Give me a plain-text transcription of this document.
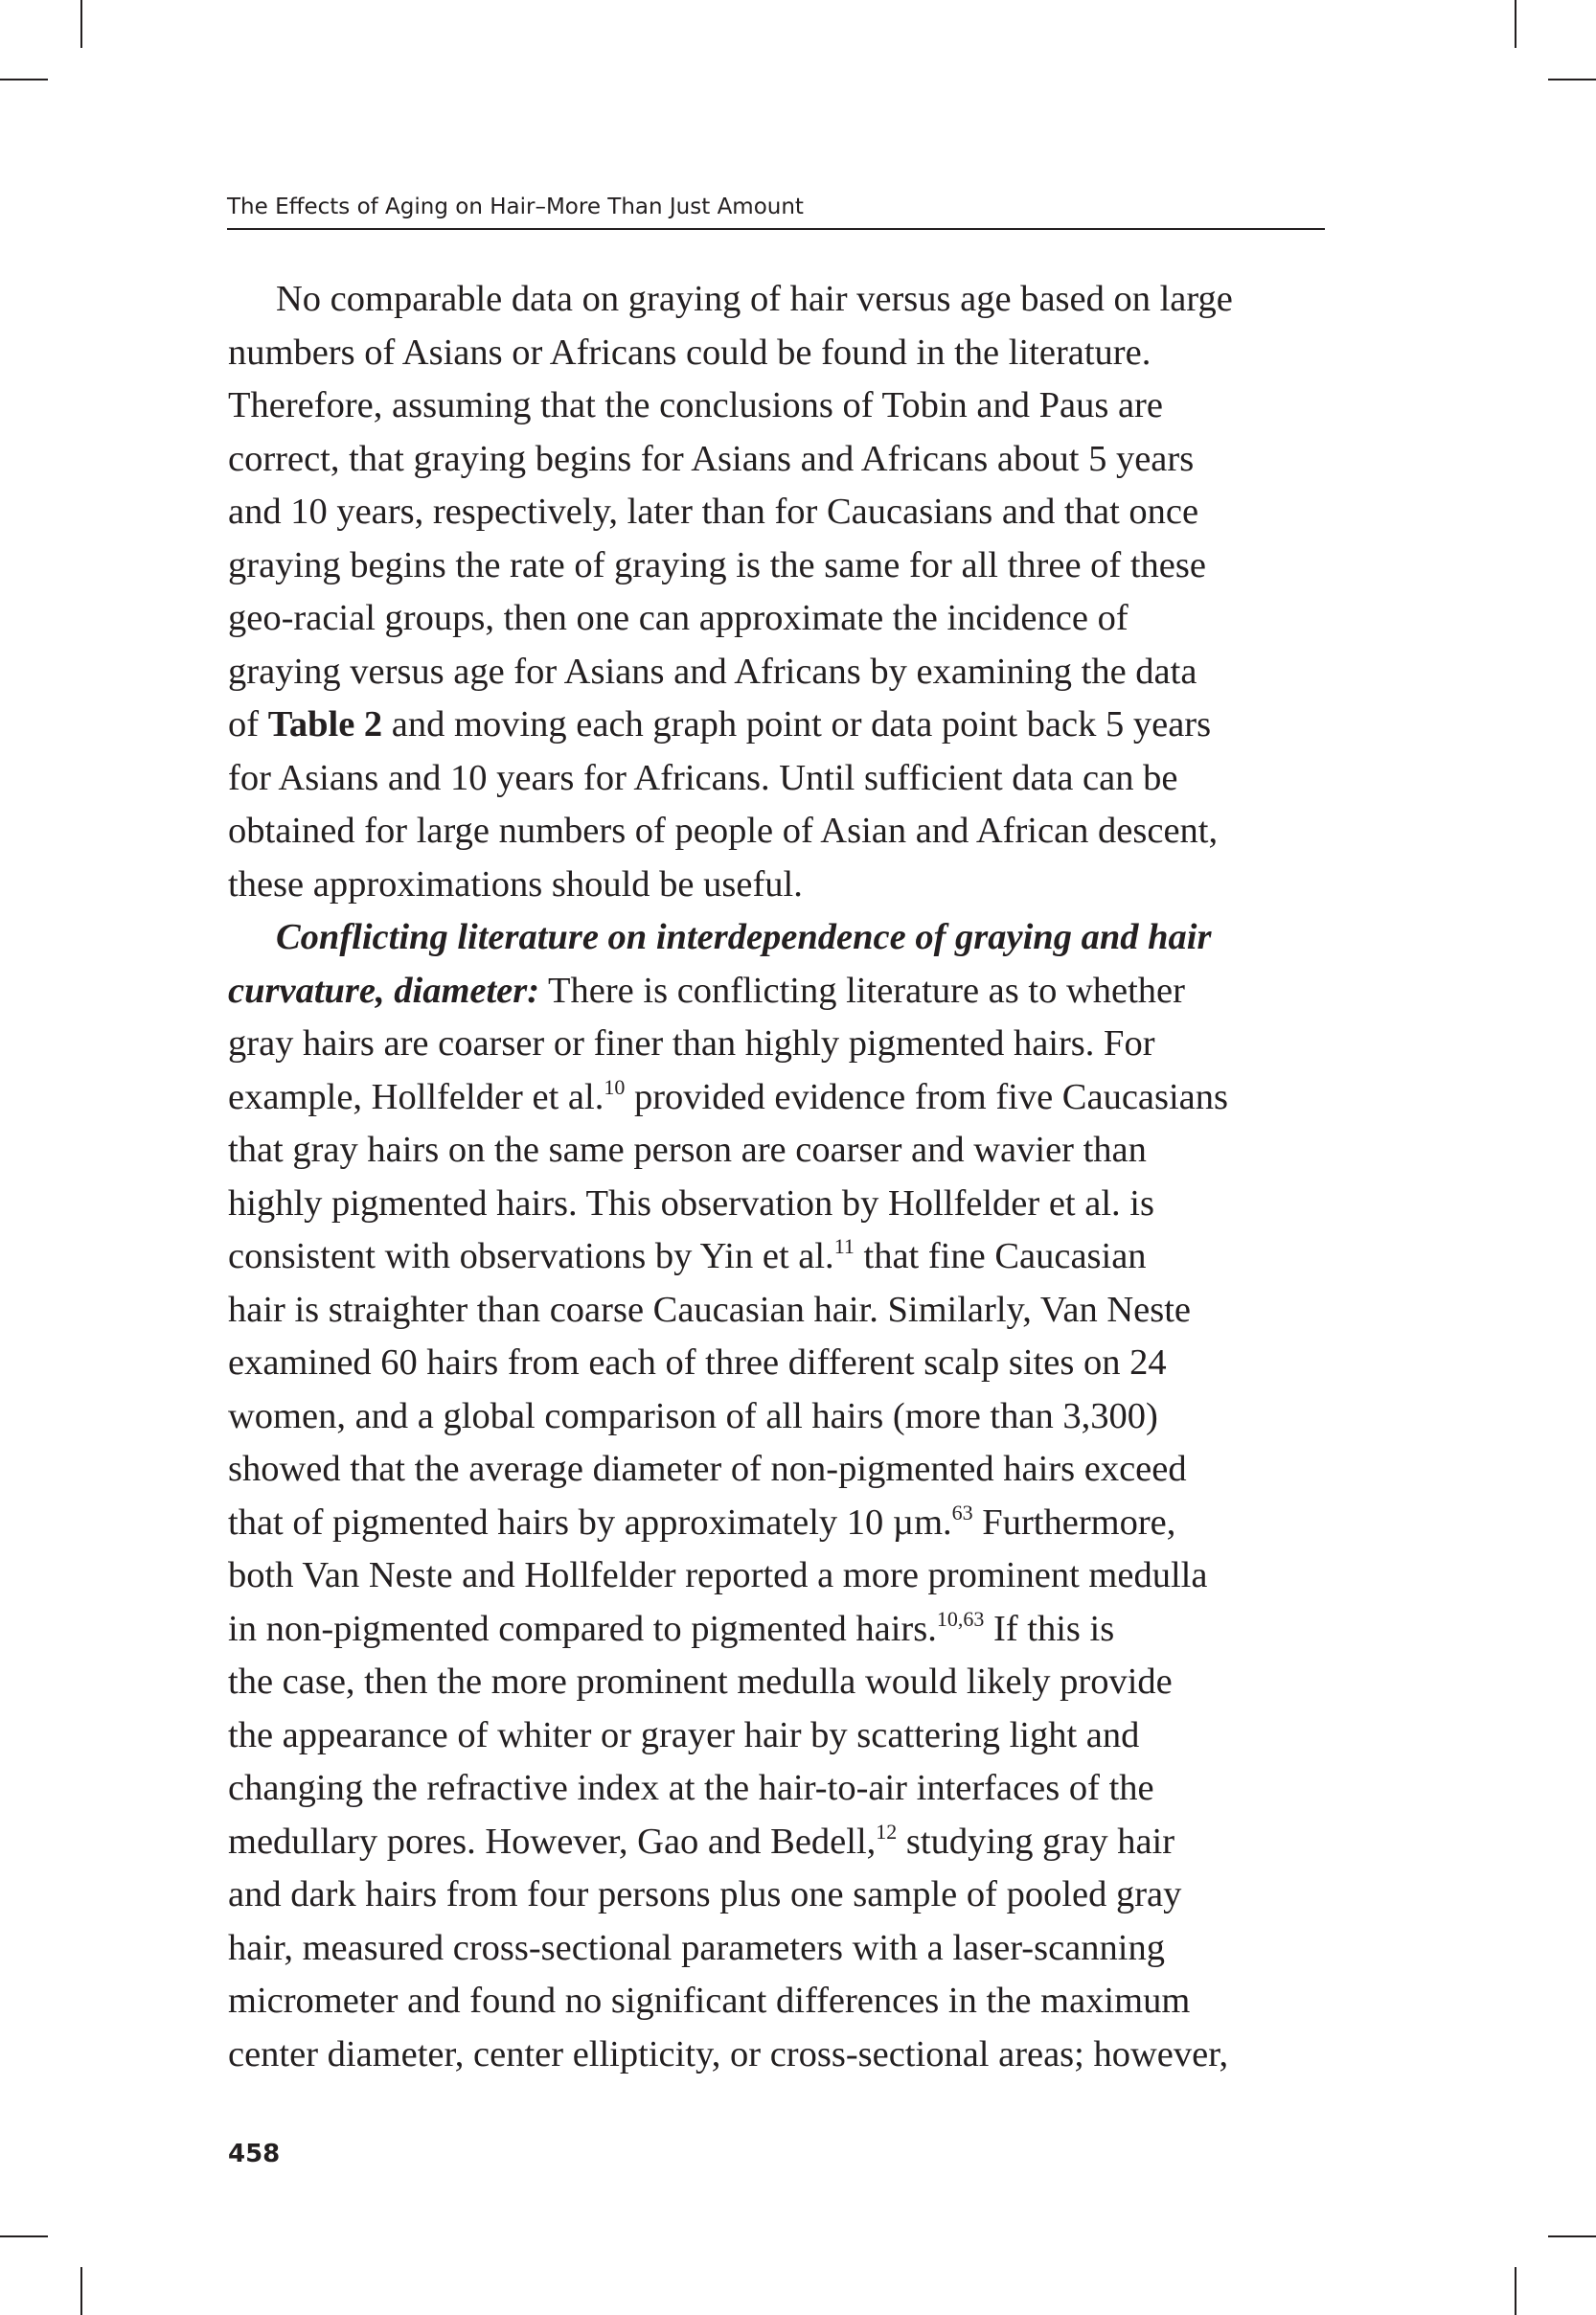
The Effects of Aging on Hair–More Than Just Amount
No comparable data on graying of hair versus age based on large
numbers of Asians or Africans could be found in the literature.
Therefore, assuming that the conclusions of Tobin and Paus are
correct, that graying begins for Asians and Africans about 5 years
and 10 years, respectively, later than for Caucasians and that once
graying begins the rate of graying is the same for all three of these
geo-racial groups, then one can approximate the incidence of
graying versus age for Asians and Africans by examining the data
of Table 2 and moving each graph point or data point back 5 years
for Asians and 10 years for Africans. Until sufficient data can be
obtained for large numbers of people of Asian and African descent,
these approximations should be useful.
Conflicting literature on interdependence of graying and hair
curvature, diameter: There is conflicting literature as to whether
gray hairs are coarser or finer than highly pigmented hairs. For
example, Hollfelder et al.$^{10}$ provided evidence from five Caucasians
that gray hairs on the same person are coarser and wavier than
highly pigmented hairs. This observation by Hollfelder et al. is
consistent with observations by Yin et al.$^{11}$ that fine Caucasian
hair is straighter than coarse Caucasian hair. Similarly, Van Neste
examined 60 hairs from each of three different scalp sites on 24
women, and a global comparison of all hairs (more than 3,300)
showed that the average diameter of non-pigmented hairs exceed
that of pigmented hairs by approximately 10 µm.$^{63}$ Furthermore,
both Van Neste and Hollfelder reported a more prominent medulla
in non-pigmented compared to pigmented hairs.$^{10,63}$ If this is
the case, then the more prominent medulla would likely provide
the appearance of whiter or grayer hair by scattering light and
changing the refractive index at the hair-to-air interfaces of the
medullary pores. However, Gao and Bedell,$^{12}$ studying gray hair
and dark hairs from four persons plus one sample of pooled gray
hair, measured cross-sectional parameters with a laser-scanning
micrometer and found no significant differences in the maximum
center diameter, center ellipticity, or cross-sectional areas; however,
458
